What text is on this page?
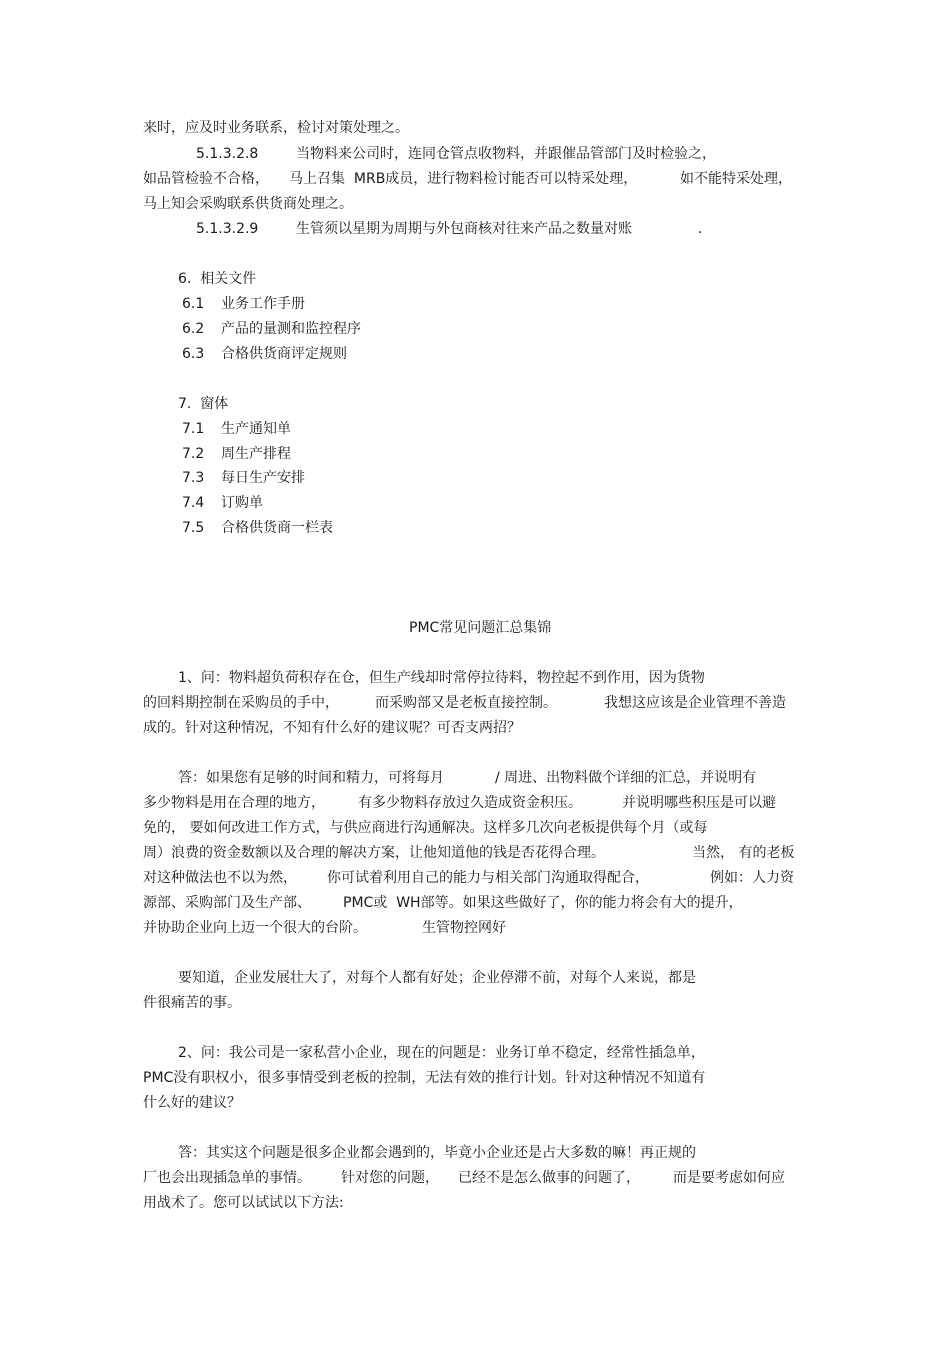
来时，应及时业务联系，检讨对策处理之。
5.1.3.2.8	当物料来公司时，连同仓管点收物料，并跟催品管部门及时检验之，
如品管检验不合格， 马上召集  MRB成员，进行物料检讨能否可以特采处理，	如不能特采处理，
马上知会采购联系供货商处理之。
5.1.3.2.9	生管须以星期为周期与外包商核对往来产品之数量对账	.
6.  相关文件
6.1 业务工作手册
6.2 产品的量测和监控程序
6.3 合格供货商评定规则
7.  窗体
7.1 生产通知单
7.2 周生产排程
7.3 每日生产安排
7.4 订购单
7.5 合格供货商一栏表
PMC常见问题汇总集锦
1、问：物料超负荷积存在仓，但生产线却时常停拉待料，物控起不到作用，因为货物
的回料期控制在采购员的手中，	而采购部又是老板直接控制。	我想这应该是企业管理不善造
成的。针对这种情况，不知有什么好的建议呢？可否支两招？
答：如果您有足够的时间和精力，可将每月	/ 周进、出物料做个详细的汇总，并说明有
多少物料是用在合理的地方， 有多少物料存放过久造成资金积压。	并说明哪些积压是可以避
免的， 要如何改进工作方式，与供应商进行沟通解决。这样多几次向老板提供每个月（或每
周）浪费的资金数额以及合理的解决方案，让他知道他的钱是否花得合理。	当然， 有的老板
对这种做法也不以为然， 你可试着利用自己的能力与相关部门沟通取得配合，	例如：人力资
源部、采购部门及生产部、 PMC或  WH部等。如果这些做好了，你的能力将会有大的提升，
并协助企业向上迈一个很大的台阶。	生管物控网好
要知道，企业发展壮大了，对每个人都有好处；企业停滞不前，对每个人来说，都是
件很痛苦的事。
2、问：我公司是一家私营小企业，现在的问题是：业务订单不稳定，经常性插急单，
PMC没有职权小，很多事情受到老板的控制，无法有效的推行计划。针对这种情况不知道有
什么好的建议？
答：其实这个问题是很多企业都会遇到的，毕竟小企业还是占大多数的嘛！再正规的
厂也会出现插急单的事情。 针对您的问题， 已经不是怎么做事的问题了， 而是要考虑如何应
用战术了。您可以试试以下方法:
